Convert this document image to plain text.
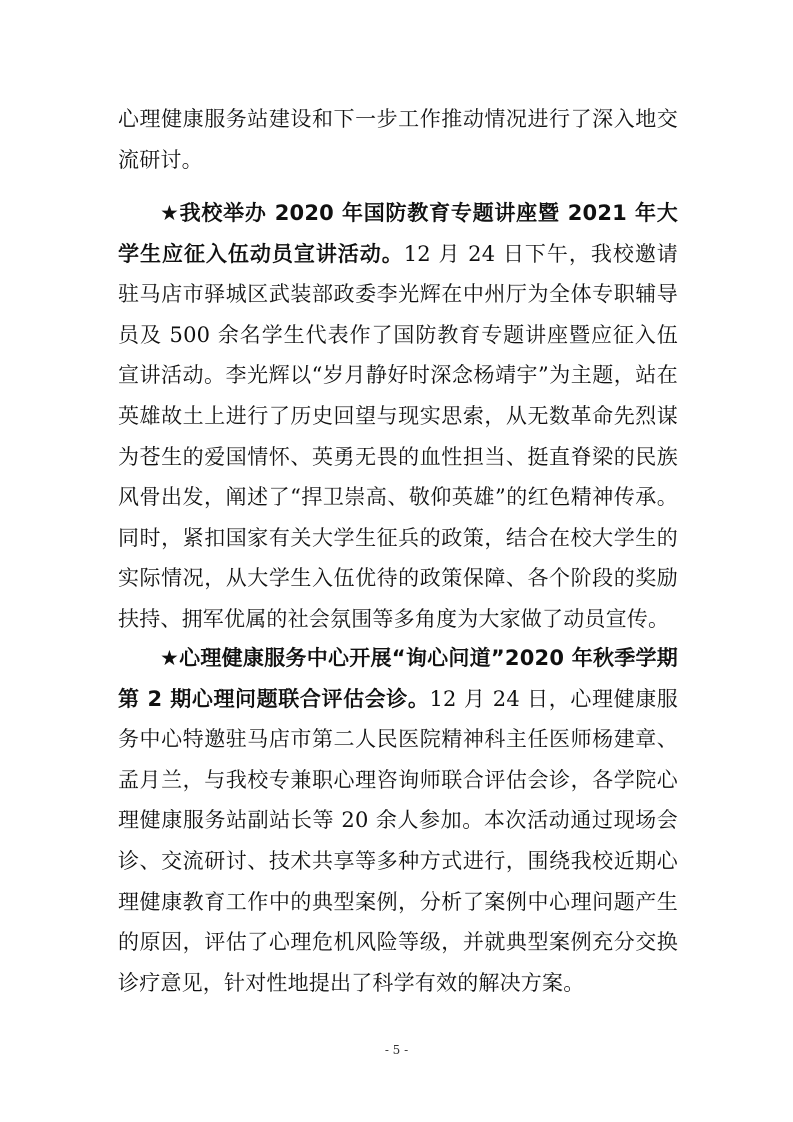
心理健康服务站建设和下一步工作推动情况进行了深入地交流研讨。

★我校举办 2020 年国防教育专题讲座暨 2021 年大学生应征入伍动员宣讲活动。12 月 24 日下午，我校邀请驻马店市驿城区武装部政委李光辉在中州厅为全体专职辅导员及 500 余名学生代表作了国防教育专题讲座暨应征入伍宣讲活动。李光辉以“岁月静好时深念杨靖宇”为主题，站在英雄故土上进行了历史回望与现实思索，从无数革命先烈谋为苍生的爱国情怀、英勇无畏的血性担当、挺直脊梁的民族风骨出发，阐述了“捍卫崇高、敬仰英雄”的红色精神传承。同时，紧扣国家有关大学生征兵的政策，结合在校大学生的实际情况，从大学生入伍优待的政策保障、各个阶段的奖励扶持、拥军优属的社会氛围等多角度为大家做了动员宣传。

★心理健康服务中心开展“询心问道”2020 年秋季学期第 2 期心理问题联合评估会诊。12 月 24 日，心理健康服务中心特邀驻马店市第二人民医院精神科主任医师杨建章、孟月兰，与我校专兼职心理咨询师联合评估会诊，各学院心理健康服务站副站长等 20 余人参加。本次活动通过现场会诊、交流研讨、技术共享等多种方式进行，围绕我校近期心理健康教育工作中的典型案例，分析了案例中心理问题产生的原因，评估了心理危机风险等级，并就典型案例充分交换诊疗意见，针对性地提出了科学有效的解决方案。

- 5 -
